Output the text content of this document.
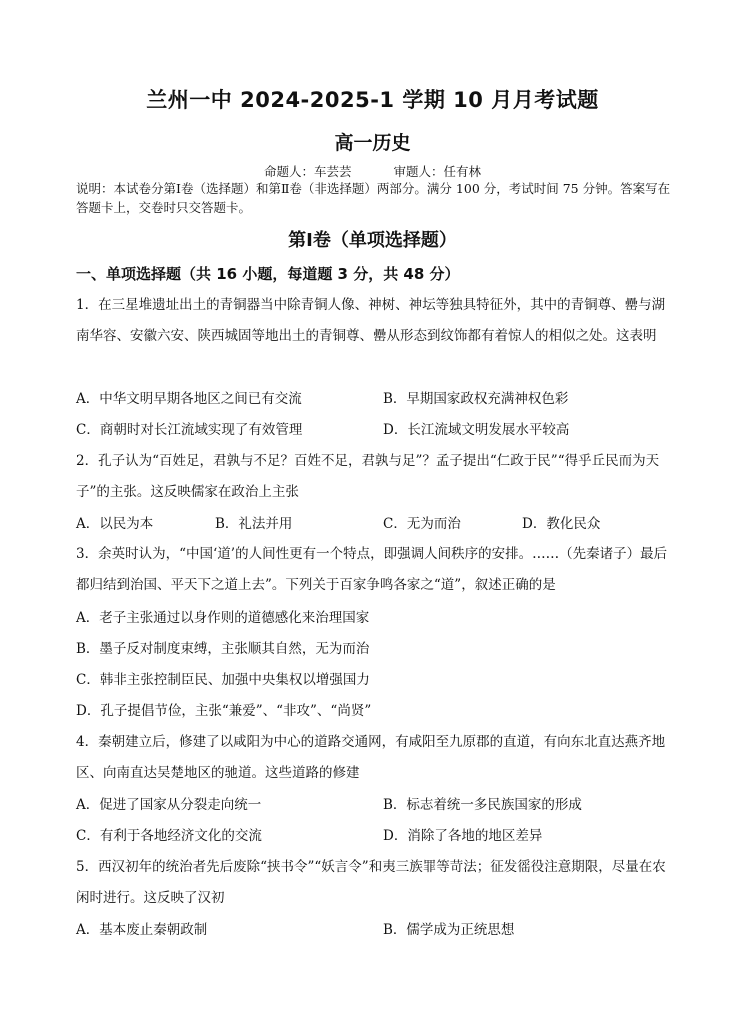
兰州一中 2024-2025-1 学期 10 月月考试题
高一历史
命题人：车芸芸	审题人：任有林
说明：本试卷分第Ⅰ卷（选择题）和第Ⅱ卷（非选择题）两部分。满分 100 分，考试时间 75 分钟。答案写在答题卡上，交卷时只交答题卡。
第Ⅰ卷（单项选择题）
一、单项选择题（共 16 小题，每道题 3 分，共 48 分）
1．在三星堆遗址出土的青铜器当中除青铜人像、神树、神坛等独具特征外，其中的青铜尊、罍与湖南华容、安徽六安、陕西城固等地出土的青铜尊、罍从形态到纹饰都有着惊人的相似之处。这表明
A．中华文明早期各地区之间已有交流	B．早期国家政权充满神权色彩
C．商朝时对长江流域实现了有效管理	D．长江流域文明发展水平较高
2．孔子认为“百姓足，君孰与不足？百姓不足，君孰与足”？孟子提出“仁政于民”“得乎丘民而为天子”的主张。这反映儒家在政治上主张
A．以民为本	B．礼法并用	C．无为而治	D．教化民众
3．余英时认为，“中国‘道’的人间性更有一个特点，即强调人间秩序的安排。……（先秦诸子）最后都归结到治国、平天下之道上去”。下列关于百家争鸣各家之“道”，叙述正确的是
A．老子主张通过以身作则的道德感化来治理国家
B．墨子反对制度束缚，主张顺其自然，无为而治
C．韩非主张控制臣民、加强中央集权以增强国力
D．孔子提倡节俭，主张“兼爱”、“非攻”、“尚贤”
4．秦朝建立后，修建了以咸阳为中心的道路交通网，有咸阳至九原郡的直道，有向东北直达燕齐地区、向南直达吴楚地区的驰道。这些道路的修建
A．促进了国家从分裂走向统一	B．标志着统一多民族国家的形成
C．有利于各地经济文化的交流	D．消除了各地的地区差异
5．西汉初年的统治者先后废除“挟书令”“妖言令”和夷三族罪等苛法；征发徭役注意期限，尽量在农闲时进行。这反映了汉初
A．基本废止秦朝政制	B．儒学成为正统思想
